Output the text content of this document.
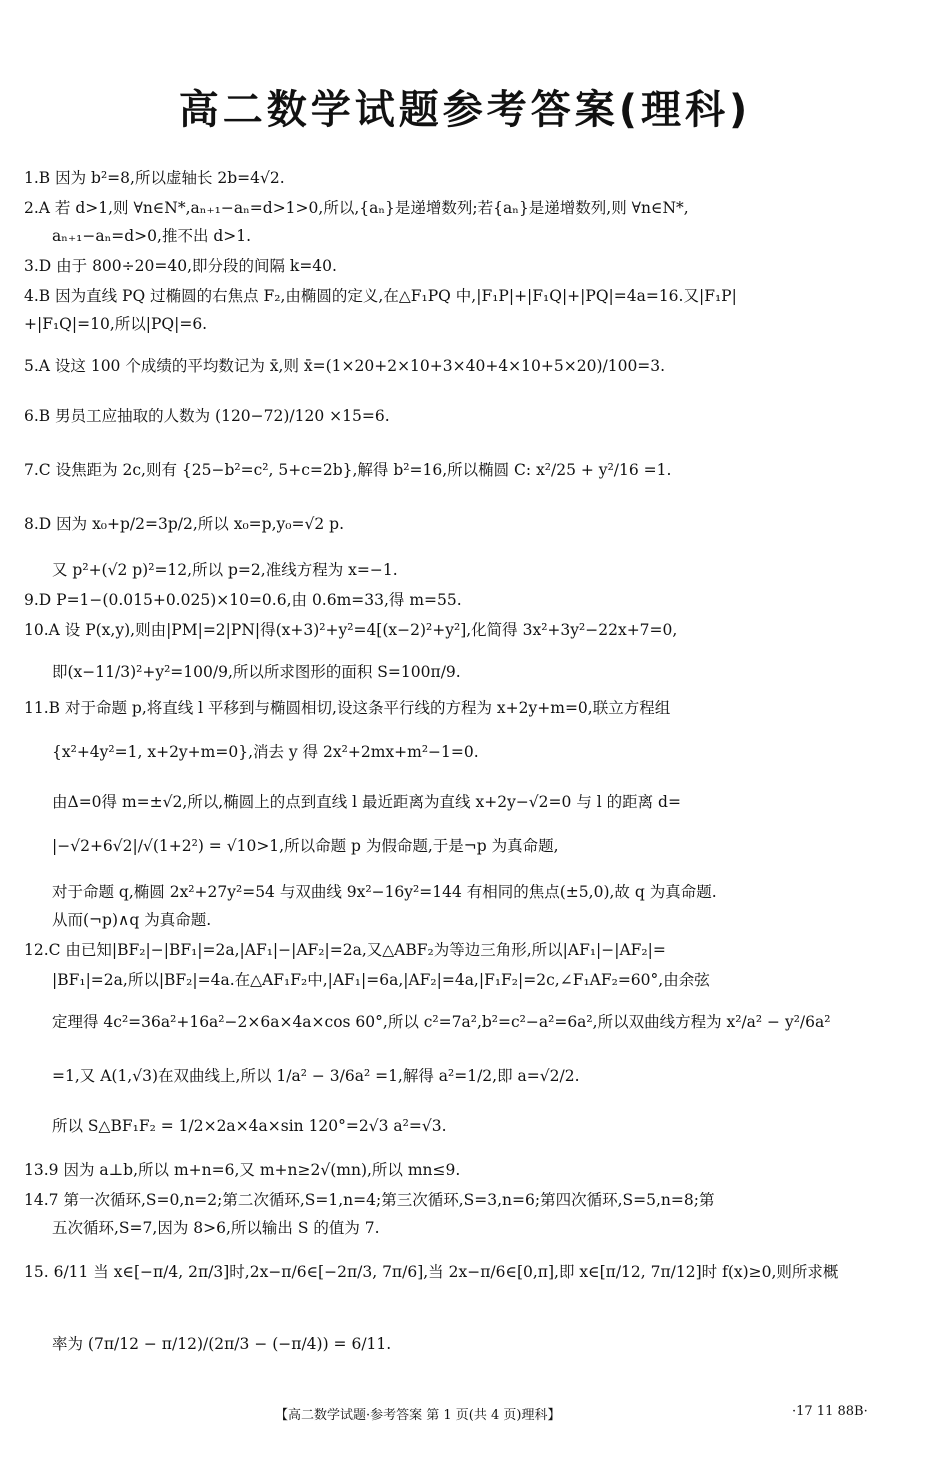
高二数学试题参考答案(理科)
1.B 因为 b²=8,所以虚轴长 2b=4√2.
2.A 若 d>1,则 ∀n∈N*,aₙ₊₁−aₙ=d>1>0,所以,{aₙ}是递增数列;若{aₙ}是递增数列,则 ∀n∈N*,
aₙ₊₁−aₙ=d>0,推不出 d>1.
3.D 由于 800÷20=40,即分段的间隔 k=40.
4.B 因为直线 PQ 过椭圆的右焦点 F₂,由椭圆的定义,在△F₁PQ 中,|F₁P|+|F₁Q|+|PQ|=4a=16.又|F₁P|
+|F₁Q|=10,所以|PQ|=6.
5.A 设这 100 个成绩的平均数记为 x̄,则 x̄=(1×20+2×10+3×40+4×10+5×20)/100=3.
6.B 男员工应抽取的人数为 (120−72)/120 ×15=6.
7.C 设焦距为 2c,则有 {25−b²=c², 5+c=2b},解得 b²=16,所以椭圆 C: x²/25 + y²/16 =1.
8.D 因为 x₀+p/2=3p/2,所以 x₀=p,y₀=√2 p.
又 p²+(√2 p)²=12,所以 p=2,准线方程为 x=−1.
9.D P=1−(0.015+0.025)×10=0.6,由 0.6m=33,得 m=55.
10.A 设 P(x,y),则由|PM|=2|PN|得(x+3)²+y²=4[(x−2)²+y²],化简得 3x²+3y²−22x+7=0,
即(x−11/3)²+y²=100/9,所以所求图形的面积 S=100π/9.
11.B 对于命题 p,将直线 l 平移到与椭圆相切,设这条平行线的方程为 x+2y+m=0,联立方程组
{x²+4y²=1, x+2y+m=0},消去 y 得 2x²+2mx+m²−1=0.
由Δ=0得 m=±√2,所以,椭圆上的点到直线 l 最近距离为直线 x+2y−√2=0 与 l 的距离 d=
|−√2+6√2|/√(1+2²) = √10>1,所以命题 p 为假命题,于是¬p 为真命题,
对于命题 q,椭圆 2x²+27y²=54 与双曲线 9x²−16y²=144 有相同的焦点(±5,0),故 q 为真命题.
从而(¬p)∧q 为真命题.
12.C 由已知|BF₂|−|BF₁|=2a,|AF₁|−|AF₂|=2a,又△ABF₂为等边三角形,所以|AF₁|−|AF₂|=
|BF₁|=2a,所以|BF₂|=4a.在△AF₁F₂中,|AF₁|=6a,|AF₂|=4a,|F₁F₂|=2c,∠F₁AF₂=60°,由余弦
定理得 4c²=36a²+16a²−2×6a×4a×cos 60°,所以 c²=7a²,b²=c²−a²=6a²,所以双曲线方程为 x²/a² − y²/6a²
=1,又 A(1,√3)在双曲线上,所以 1/a² − 3/6a² =1,解得 a²=1/2,即 a=√2/2.
所以 S△BF₁F₂ = 1/2×2a×4a×sin 120°=2√3 a²=√3.
13.9 因为 a⊥b,所以 m+n=6,又 m+n≥2√(mn),所以 mn≤9.
14.7 第一次循环,S=0,n=2;第二次循环,S=1,n=4;第三次循环,S=3,n=6;第四次循环,S=5,n=8;第
五次循环,S=7,因为 8>6,所以输出 S 的值为 7.
15. 6/11 当 x∈[−π/4, 2π/3]时,2x−π/6∈[−2π/3, 7π/6],当 2x−π/6∈[0,π],即 x∈[π/12, 7π/12]时 f(x)≥0,则所求概
率为 (7π/12 − π/12)/(2π/3 − (−π/4)) = 6/11.
【高二数学试题·参考答案 第 1 页(共 4 页)理科】	·17 11 88B·
